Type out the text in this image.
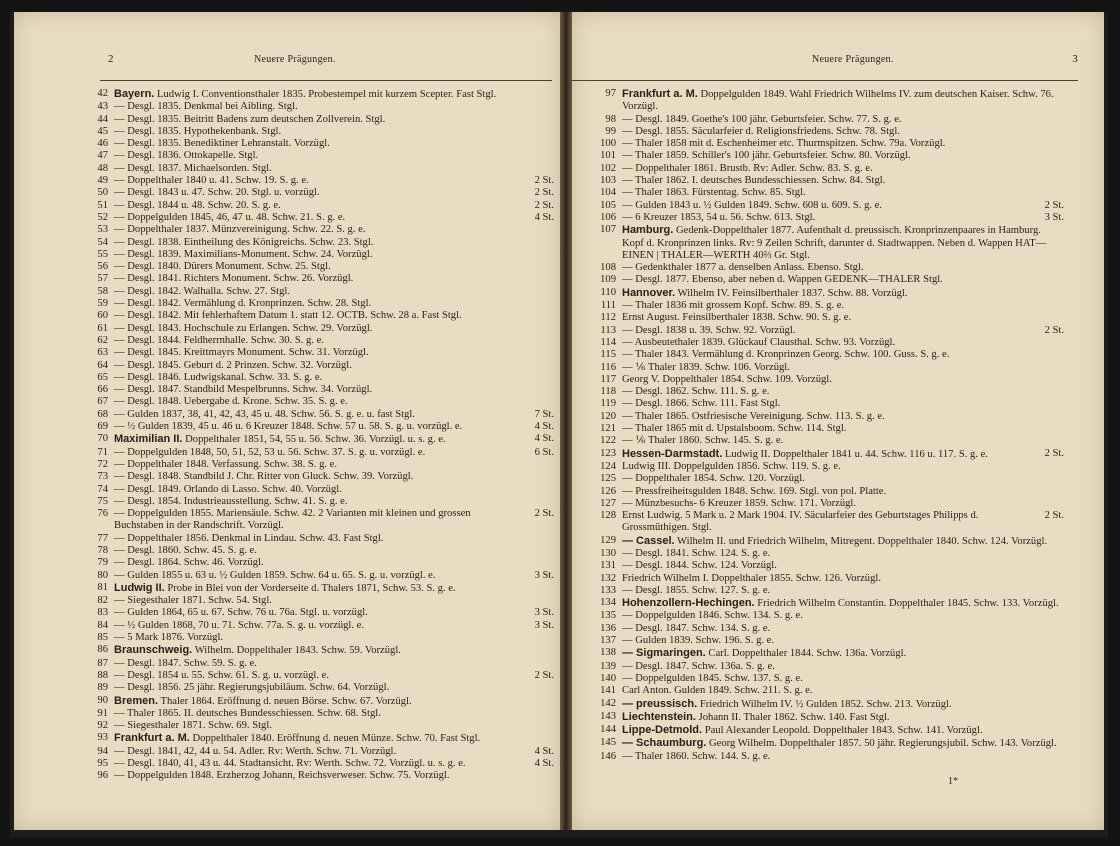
2	Neuere Prägungen.
42 Bayern. Ludwig I. Conventionsthaler 1835. Probestempel mit kurzem Scepter. Fast Stgl.
43 — Desgl. 1835. Denkmal bei Aibling. Stgl.
44 — Desgl. 1835. Beitritt Badens zum deutschen Zollverein. Stgl.
45 — Desgl. 1835. Hypothekenbank. Stgl.
46 — Desgl. 1835. Benediktiner Lehranstalt. Vorzügl.
47 — Desgl. 1836. Ottokapelle. Stgl.
48 — Desgl. 1837. Michaelsorden. Stgl.
49 — Doppelthaler 1840 u. 41. Schw. 19. S. g. e.	2 St.
50 — Desgl. 1843 u. 47. Schw. 20. Stgl. u. vorzügl.	2 St.
51 — Desgl. 1844 u. 48. Schw. 20. S. g. e.	2 St.
52 — Doppelgulden 1845, 46, 47 u. 48. Schw. 21. S. g. e.	4 St.
53 — Doppelthaler 1837. Münzvereinigung. Schw. 22. S. g. e.
54 — Desgl. 1838. Eintheilung des Königreichs. Schw. 23. Stgl.
55 — Desgl. 1839. Maximilians-Monument. Schw. 24. Vorzügl.
56 — Desgl. 1840. Dürers Monument. Schw. 25. Stgl.
57 — Desgl. 1841. Richters Monument. Schw. 26. Vorzügl.
58 — Desgl. 1842. Walhalla. Schw. 27. Stgl.
59 — Desgl. 1842. Vermählung d. Kronprinzen. Schw. 28. Stgl.
60 — Desgl. 1842. Mit fehlerhaftem Datum 1. statt 12. OCTB. Schw. 28 a. Fast Stgl.
61 — Desgl. 1843. Hochschule zu Erlangen. Schw. 29. Vorzügl.
62 — Desgl. 1844. Feldherrnhalle. Schw. 30. S. g. e.
63 — Desgl. 1845. Kreittmayrs Monument. Schw. 31. Vorzügl.
64 — Desgl. 1845. Geburt d. 2 Prinzen. Schw. 32. Vorzügl.
65 — Desgl. 1846. Ludwigskanal. Schw. 33. S. g. e.
66 — Desgl. 1847. Standbild Mespelbrunns. Schw. 34. Vorzügl.
67 — Desgl. 1848. Uebergabe d. Krone. Schw. 35. S. g. e.
68 — Gulden 1837, 38, 41, 42, 43, 45 u. 48. Schw. 56. S. g. e. u. fast Stgl.	7 St.
69 — ½ Gulden 1839, 45 u. 46 u. 6 Kreuzer 1848. Schw. 57 u. 58. S. g. u. vorzügl. e.	4 St.
70 Maximilian II. Doppelthaler 1851, 54, 55 u. 56. Schw. 36. Vorzügl. u. s. g. e.	4 St.
71 — Doppelgulden 1848, 50, 51, 52, 53 u. 56. Schw. 37. S. g. u. vorzügl. e.	6 St.
72 — Doppelthaler 1848. Verfassung. Schw. 38. S. g. e.
73 — Desgl. 1848. Standbild J. Chr. Ritter von Gluck. Schw. 39. Vorzügl.
74 — Desgl. 1849. Orlando di Lasso. Schw. 40. Vorzügl.
75 — Desgl. 1854. Industrieausstellung. Schw. 41. S. g. e.
76 — Doppelgulden 1855. Mariensäule. Schw. 42. 2 Varianten mit kleinen und grossen Buchstaben in der Randschrift. Vorzügl.
2 St.
77 — Doppelthaler 1856. Denkmal in Lindau. Schw. 43. Fast Stgl.
78 — Desgl. 1860. Schw. 45. S. g. e.
79 — Desgl. 1864. Schw. 46. Vorzügl.
80 — Gulden 1855 u. 63 u. ½ Gulden 1859. Schw. 64 u. 65. S. g. u. vorzügl. e.	3 St.
81 Ludwig II. Probe in Blei von der Vorderseite d. Thalers 1871, Schw. 53. S. g. e.
82 — Siegesthaler 1871. Schw. 54. Stgl.
83 — Gulden 1864, 65 u. 67. Schw. 76 u. 76a. Stgl. u. vorzügl.	3 St.
84 — ½ Gulden 1868, 70 u. 71. Schw. 77a. S. g. u. vorzügl. e.	3 St.
85 — 5 Mark 1876. Vorzügl.
86 Braunschweig. Wilhelm. Doppelthaler 1843. Schw. 59. Vorzügl.
87 — Desgl. 1847. Schw. 59. S. g. e.
88 — Desgl. 1854 u. 55. Schw. 61. S. g. u. vorzügl. e.	2 St.
89 — Desgl. 1856. 25 jähr. Regierungsjubiläum. Schw. 64. Vorzügl.
90 Bremen. Thaler 1864. Eröffnung d. neuen Börse. Schw. 67. Vorzügl.
91 — Thaler 1865. II. deutsches Bundesschiessen. Schw. 68. Stgl.
92 — Siegesthaler 1871. Schw. 69. Stgl.
93 Frankfurt a. M. Doppelthaler 1840. Eröffnung d. neuen Münze. Schw. 70. Fast Stgl.
94 — Desgl. 1841, 42, 44 u. 54. Adler. Rv: Werth. Schw. 71. Vorzügl.	4 St.
95 — Desgl. 1840, 41, 43 u. 44. Stadtansicht. Rv: Werth. Schw. 72. Vorzügl. u. s. g. e.	4 St.
96 — Doppelgulden 1848. Erzherzog Johann, Reichsverweser. Schw. 75. Vorzügl.
Neuere Prägungen.	3
97 Frankfurt a. M. Doppelgulden 1849. Wahl Friedrich Wilhelms IV. zum deutschen Kaiser. Schw. 76. Vorzügl.
98 — Desgl. 1849. Goethe's 100 jähr. Geburtsfeier. Schw. 77. S. g. e.
99 — Desgl. 1855. Säcularfeier d. Religionsfriedens. Schw. 78. Stgl.
100 — Thaler 1858 mit d. Eschenheimer etc. Thurmspitzen. Schw. 79a. Vorzügl.
101 — Thaler 1859. Schiller's 100 jähr. Geburtsfeier. Schw. 80. Vorzügl.
102 — Doppelthaler 1861. Brustb. Rv: Adler. Schw. 83. S. g. e.
103 — Thaler 1862. I. deutsches Bundesschiessen. Schw. 84. Stgl.
104 — Thaler 1863. Fürstentag. Schw. 85. Stgl.
105 — Gulden 1843 u. ½ Gulden 1849. Schw. 608 u. 609. S. g. e.	2 St.
106 — 6 Kreuzer 1853, 54 u. 56. Schw. 613. Stgl.	3 St.
107 Hamburg. Gedenk-Doppelthaler 1877. Aufenthalt d. preussisch. Kronprinzenpaares in Hamburg. Kopf d. Kronprinzen links. Rv: 9 Zeilen Schrift, darunter d. Stadtwappen. Neben d. Wappen HAT—EINEN | THALER—WERTH 40⅔ Gr. Stgl.
108 — Gedenkthaler 1877 a. denselben Anlass. Ebenso. Stgl.
109 — Desgl. 1877. Ebenso, aber neben d. Wappen GEDENK—THALER Stgl.
110 Hannover. Wilhelm IV. Feinsilberthaler 1837. Schw. 88. Vorzügl.
111 — Thaler 1836 mit grossem Kopf. Schw. 89. S. g. e.
112 Ernst August. Feinsilberthaler 1838. Schw. 90. S. g. e.
113 — Desgl. 1838 u. 39. Schw. 92. Vorzügl.	2 St.
114 — Ausbeutethaler 1839. Glückauf Clausthal. Schw. 93. Vorzügl.
115 — Thaler 1843. Vermählung d. Kronprinzen Georg. Schw. 100. Guss. S. g. e.
116 — ⅙ Thaler 1839. Schw. 106. Vorzügl.
117 Georg V. Doppelthaler 1854. Schw. 109. Vorzügl.
118 — Desgl. 1862. Schw. 111. S. g. e.
119 — Desgl. 1866. Schw. 111. Fast Stgl.
120 — Thaler 1865. Ostfriesische Vereinigung. Schw. 113. S. g. e.
121 — Thaler 1865 mit d. Upstalsboom. Schw. 114. Stgl.
122 — ⅙ Thaler 1860. Schw. 145. S. g. e.
123 Hessen-Darmstadt. Ludwig II. Doppelthaler 1841 u. 44. Schw. 116 u. 117. S. g. e.	2 St.
124 Ludwig III. Doppelgulden 1856. Schw. 119. S. g. e.
125 — Doppelthaler 1854. Schw. 120. Vorzügl.
126 — Pressfreiheitsgulden 1848. Schw. 169. Stgl. von pol. Platte.
127 — Münzbesuchs- 6 Kreuzer 1859. Schw. 171. Vorzügl.
128 Ernst Ludwig. 5 Mark u. 2 Mark 1904. IV. Säcularfeier des Geburtstages Philipps d. Grossmüthigen. Stgl.
2 St.
129 — Cassel. Wilhelm II. und Friedrich Wilhelm, Mitregent. Doppelthaler 1840. Schw. 124. Vorzügl.
130 — Desgl. 1841. Schw. 124. S. g. e.
131 — Desgl. 1844. Schw. 124. Vorzügl.
132 Friedrich Wilhelm I. Doppelthaler 1855. Schw. 126. Vorzügl.
133 — Desgl. 1855. Schw. 127. S. g. e.
134 Hohenzollern-Hechingen. Friedrich Wilhelm Constantin. Doppelthaler 1845. Schw. 133. Vorzügl.
135 — Doppelgulden 1846. Schw. 134. S. g. e.
136 — Desgl. 1847. Schw. 134. S. g. e.
137 — Gulden 1839. Schw. 196. S. g. e.
138 — Sigmaringen. Carl. Doppelthaler 1844. Schw. 136a. Vorzügl.
139 — Desgl. 1847. Schw. 136a. S. g. e.
140 — Doppelgulden 1845. Schw. 137. S. g. e.
141 Carl Anton. Gulden 1849. Schw. 211. S. g. e.
142 — preussisch. Friedrich Wilhelm IV. ½ Gulden 1852. Schw. 213. Vorzügl.
143 Liechtenstein. Johann II. Thaler 1862. Schw. 140. Fast Stgl.
144 Lippe-Detmold. Paul Alexander Leopold. Doppelthaler 1843. Schw. 141. Vorzügl.
145 — Schaumburg. Georg Wilhelm. Doppelthaler 1857. 50 jähr. Regierungsjubil. Schw. 143. Vorzügl.
146 — Thaler 1860. Schw. 144. S. g. e.
1*
